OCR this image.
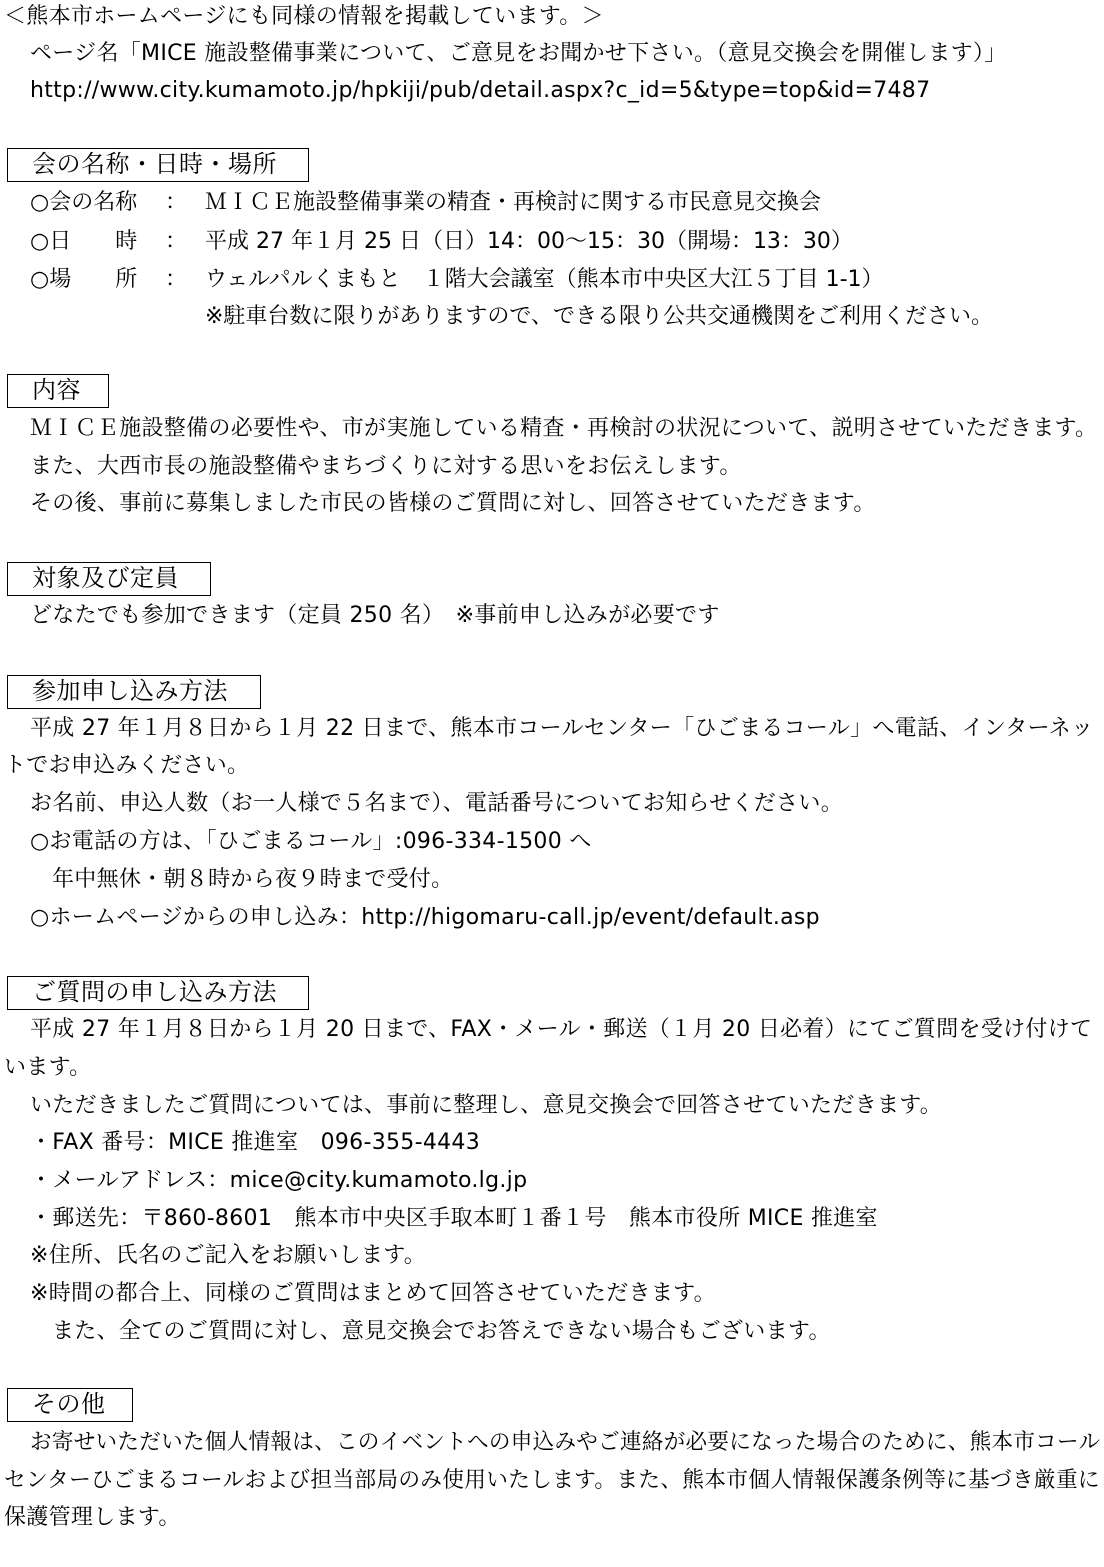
＜熊本市ホームページにも同様の情報を掲載しています。＞
ページ名「MICE 施設整備事業について、ご意見をお聞かせ下さい。（意見交換会を開催します）」
http://www.city.kumamoto.jp/hpkiji/pub/detail.aspx?c_id=5&type=top&id=7487
会の名称・日時・場所
○会の名称 ： ＭＩＣＥ施設整備事業の精査・再検討に関する市民意見交換会
○日　　時 ： 平成 27 年１月 25 日（日）14：00～15：30（開場：13：30）
○場　　所 ： ウェルパルくまもと　１階大会議室（熊本市中央区大江５丁目 1-1）
※駐車台数に限りがありますので、できる限り公共交通機関をご利用ください。
内容
ＭＩＣＥ施設整備の必要性や、市が実施している精査・再検討の状況について、説明させていただきます。
また、大西市長の施設整備やまちづくりに対する思いをお伝えします。
その後、事前に募集しました市民の皆様のご質問に対し、回答させていただきます。
対象及び定員
どなたでも参加できます（定員 250 名）　※事前申し込みが必要です
参加申し込み方法
平成 27 年１月８日から１月 22 日まで、熊本市コールセンター「ひごまるコール」へ電話、インターネッ
トでお申込みください。
お名前、申込人数（お一人様で５名まで）、電話番号についてお知らせください。
○お電話の方は、「ひごまるコール」:096-334-1500 へ
年中無休・朝８時から夜９時まで受付。
○ホームページからの申し込み：http://higomaru-call.jp/event/default.asp
ご質問の申し込み方法
平成 27 年１月８日から１月 20 日まで、FAX・メール・郵送（１月 20 日必着）にてご質問を受け付けて
います。
いただきましたご質問については、事前に整理し、意見交換会で回答させていただきます。
・FAX 番号：MICE 推進室　096-355-4443
・メールアドレス：mice@city.kumamoto.lg.jp
・郵送先：〒860-8601　熊本市中央区手取本町１番１号　熊本市役所 MICE 推進室
※住所、氏名のご記入をお願いします。
※時間の都合上、同様のご質問はまとめて回答させていただきます。
また、全てのご質問に対し、意見交換会でお答えできない場合もございます。
その他
お寄せいただいた個人情報は、このイベントへの申込みやご連絡が必要になった場合のために、熊本市コール
センターひごまるコールおよび担当部局のみ使用いたします。また、熊本市個人情報保護条例等に基づき厳重に
保護管理します。
